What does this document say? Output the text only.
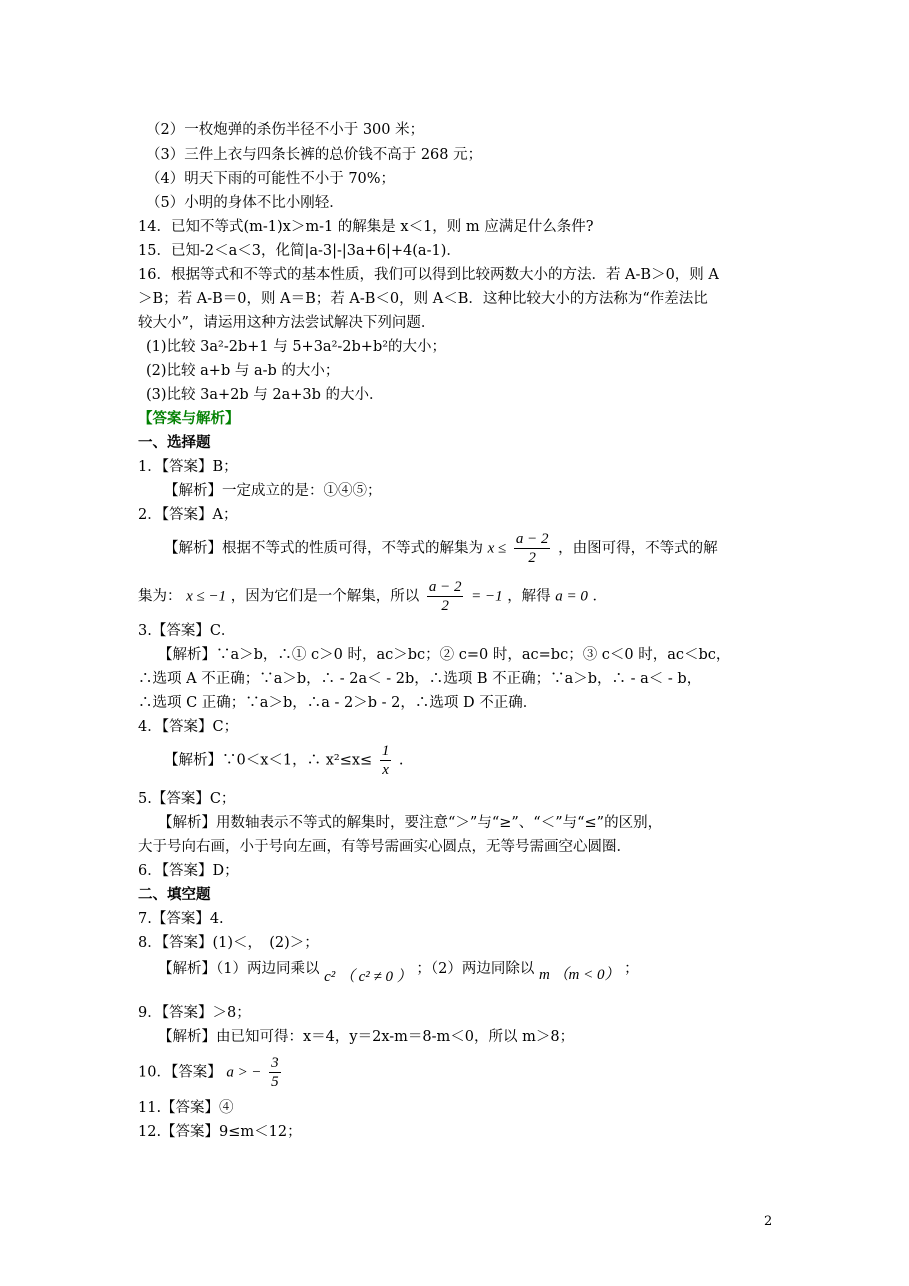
（2）一枚炮弹的杀伤半径不小于 300 米；
（3）三件上衣与四条长裤的总价钱不高于 268 元；
（4）明天下雨的可能性不小于 70%；
（5）小明的身体不比小刚轻．
14．已知不等式(m-1)x＞m-1 的解集是 x＜1，则 m 应满足什么条件?
15．已知-2＜a＜3，化简|a-3|-|3a+6|+4(a-1)．
16．根据等式和不等式的基本性质，我们可以得到比较两数大小的方法．若 A-B＞0，则 A
＞B；若 A-B＝0，则 A＝B；若 A-B＜0，则 A＜B．这种比较大小的方法称为“作差法比
较大小”，请运用这种方法尝试解决下列问题．
(1)比较 3a²-2b+1 与 5+3a²-2b+b²的大小；
(2)比较 a+b 与 a-b 的大小；
(3)比较 3a+2b 与 2a+3b 的大小．
【答案与解析】
一、选择题
1．【答案】B；
【解析】一定成立的是：①④⑤；
2．【答案】A；
【解析】根据不等式的性质可得，不等式的解集为 $x \le \frac{a - 2}{2}$ ，由图可得，不等式的解
集为： x ≤ −1 ，因为它们是一个解集，所以 $\frac{a - 2}{2} = -1$ ，解得 a = 0 ．
3.【答案】C．
【解析】∵a＞b，∴① c＞0 时，ac＞bc；② c=0 时，ac=bc；③ c＜0 时，ac＜bc，
∴选项 A 不正确；∵a＞b，∴ - 2a＜ - 2b，∴选项 B 不正确；∵a＞b，∴ - a＜ - b，
∴选项 C 正确；∵a＞b，∴a - 2＞b - 2，∴选项 D 不正确．
4．【答案】C；
【解析】∵0＜x＜1，∴ $x^2\le x\le \frac{1}{x}$ .
5.【答案】C；
【解析】用数轴表示不等式的解集时，要注意“＞”与“≥”、“＜”与“≤”的区别，
大于号向右画，小于号向左画，有等号需画实心圆点，无等号需画空心圆圈．
6．【答案】D；
二、填空题
7.【答案】4.
8．【答案】(1)＜，　(2)＞；
【解析】（1）两边同乘以 c² （ c² ≠ 0 ） ；（2）两边同除以 m （m < 0） ；
9．【答案】＞8；
【解析】由已知可得：x＝4，y＝2x-m＝8-m＜0，所以 m＞8；
10．【答案】 a > − $\frac{3}{5}$
11.【答案】④
12.【答案】9≤m＜12；
2
